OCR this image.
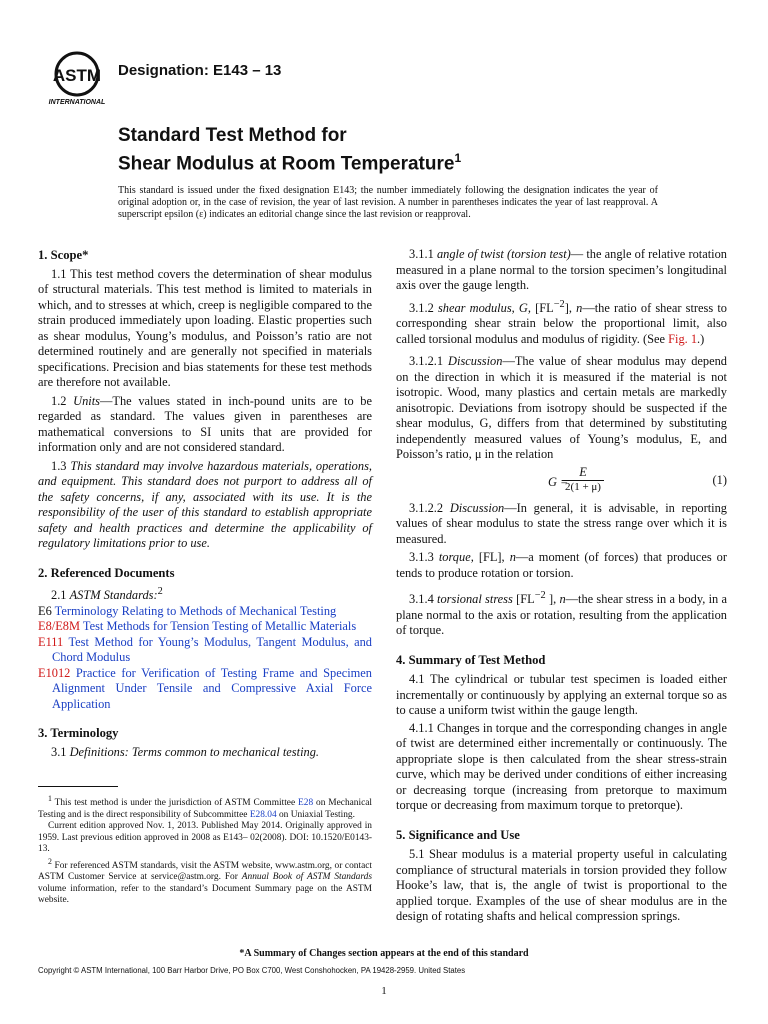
ASTM
INTERNATIONAL
Designation: E143 – 13
Standard Test Method for
Shear Modulus at Room Temperature$^1$
This standard is issued under the fixed designation E143; the number immediately following the designation indicates the year of original adoption or, in the case of revision, the year of last revision. A number in parentheses indicates the year of last reapproval. A superscript epsilon (ε) indicates an editorial change since the last revision or reapproval.

1. Scope*

1.1 This test method covers the determination of shear modulus of structural materials. This test method is limited to materials in which, and to stresses at which, creep is negligible compared to the strain produced immediately upon loading. Elastic properties such as shear modulus, Young’s modulus, and Poisson’s ratio are not determined routinely and are generally not specified in materials specifications. Precision and bias statements for these test methods are therefore not available.

1.2 Units—The values stated in inch-pound units are to be regarded as standard. The values given in parentheses are mathematical conversions to SI units that are provided for information only and are not considered standard.

1.3 This standard may involve hazardous materials, operations, and equipment. This standard does not purport to address all of the safety concerns, if any, associated with its use. It is the responsibility of the user of this standard to establish appropriate safety and health practices and determine the applicability of regulatory limitations prior to use.

2. Referenced Documents

2.1 ASTM Standards:$^2$

E6 Terminology Relating to Methods of Mechanical Testing

E8/E8M Test Methods for Tension Testing of Metallic Materials

E111 Test Method for Young’s Modulus, Tangent Modulus, and Chord Modulus

E1012 Practice for Verification of Testing Frame and Specimen Alignment Under Tensile and Compressive Axial Force Application

3. Terminology

3.1 Definitions: Terms common to mechanical testing.

$^1$ This test method is under the jurisdiction of ASTM Committee E28 on Mechanical Testing and is the direct responsibility of Subcommittee E28.04 on Uniaxial Testing.

Current edition approved Nov. 1, 2013. Published May 2014. Originally approved in 1959. Last previous edition approved in 2008 as E143– 02(2008). DOI: 10.1520/E0143-13.

$^2$ For referenced ASTM standards, visit the ASTM website, www.astm.org, or contact ASTM Customer Service at service@astm.org. For Annual Book of ASTM Standards volume information, refer to the standard’s Document Summary page on the ASTM website.

3.1.1 angle of twist (torsion test)— the angle of relative rotation measured in a plane normal to the torsion specimen’s longitudinal axis over the gauge length.

3.1.2 shear modulus, G, $[FL^{-2}]$, n—the ratio of shear stress to corresponding shear strain below the proportional limit, also called torsional modulus and modulus of rigidity. (See Fig. 1.)

3.1.2.1 Discussion—The value of shear modulus may depend on the direction in which it is measured if the material is not isotropic. Wood, many plastics and certain metals are markedly anisotropic. Deviations from isotropy should be suspected if the shear modulus, G, differs from that determined by substituting independently measured values of Young’s modulus, E, and Poisson’s ratio, μ in the relation

G =
E
2(1 + μ)	(1)

3.1.2.2 Discussion—In general, it is advisable, in reporting values of shear modulus to state the stress range over which it is measured.

3.1.3 torque, [FL], n—a moment (of forces) that produces or tends to produce rotation or torsion.

3.1.4 torsional stress [$FL^{-2}$ ], n—the shear stress in a body, in a plane normal to the axis or rotation, resulting from the application of torque.

4. Summary of Test Method

4.1 The cylindrical or tubular test specimen is loaded either incrementally or continuously by applying an external torque so as to cause a uniform twist within the gauge length.

4.1.1 Changes in torque and the corresponding changes in angle of twist are determined either incrementally or continuously. The appropriate slope is then calculated from the shear stress-strain curve, which may be derived under conditions of either increasing or decreasing torque (increasing from pretorque to maximum torque or decreasing from maximum torque to pretorque).

5. Significance and Use

5.1 Shear modulus is a material property useful in calculating compliance of structural materials in torsion provided they follow Hooke’s law, that is, the angle of twist is proportional to the applied torque. Examples of the use of shear modulus are in the design of rotating shafts and helical compression springs.

*A Summary of Changes section appears at the end of this standard
Copyright © ASTM International, 100 Barr Harbor Drive, PO Box C700, West Conshohocken, PA 19428-2959. United States
1
